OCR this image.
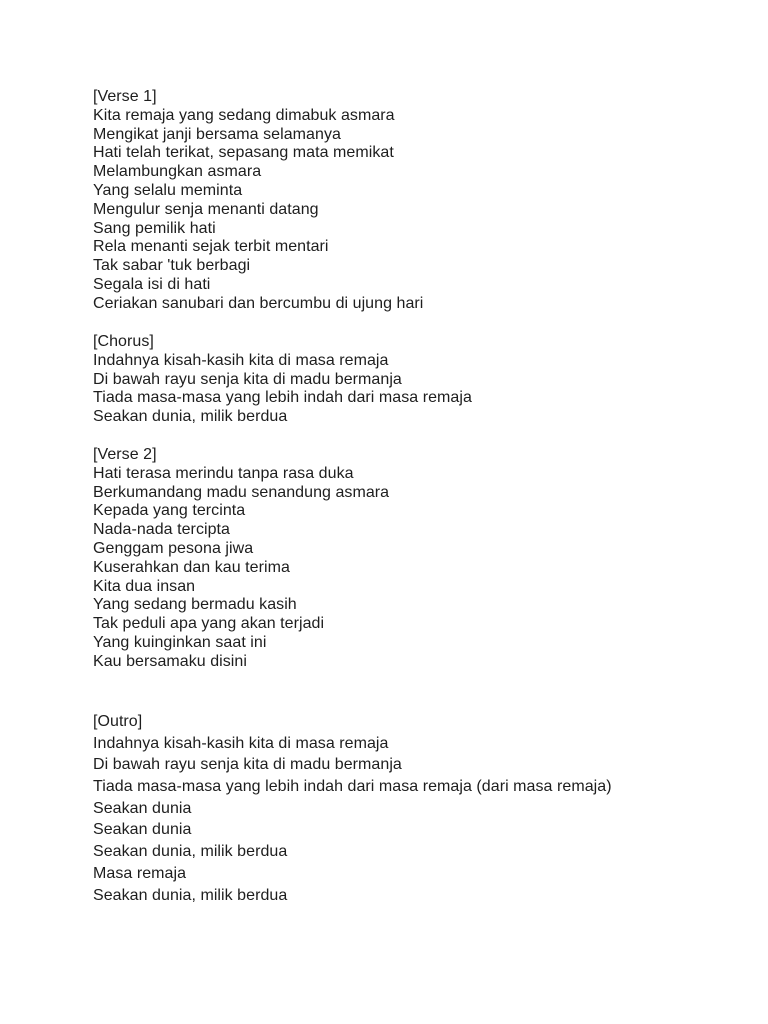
[Verse 1]
Kita remaja yang sedang dimabuk asmara
Mengikat janji bersama selamanya
Hati telah terikat, sepasang mata memikat
Melambungkan asmara
Yang selalu meminta
Mengulur senja menanti datang
Sang pemilik hati
Rela menanti sejak terbit mentari
Tak sabar 'tuk berbagi
Segala isi di hati
Ceriakan sanubari dan bercumbu di ujung hari
[Chorus]
Indahnya kisah-kasih kita di masa remaja
Di bawah rayu senja kita di madu bermanja
Tiada masa-masa yang lebih indah dari masa remaja
Seakan dunia, milik berdua
[Verse 2]
Hati terasa merindu tanpa rasa duka
Berkumandang madu senandung asmara
Kepada yang tercinta
Nada-nada tercipta
Genggam pesona jiwa
Kuserahkan dan kau terima
Kita dua insan
Yang sedang bermadu kasih
Tak peduli apa yang akan terjadi
Yang kuinginkan saat ini
Kau bersamaku disini
[Outro]
Indahnya kisah-kasih kita di masa remaja
Di bawah rayu senja kita di madu bermanja
Tiada masa-masa yang lebih indah dari masa remaja (dari masa remaja)
Seakan dunia
Seakan dunia
Seakan dunia, milik berdua
Masa remaja
Seakan dunia, milik berdua
